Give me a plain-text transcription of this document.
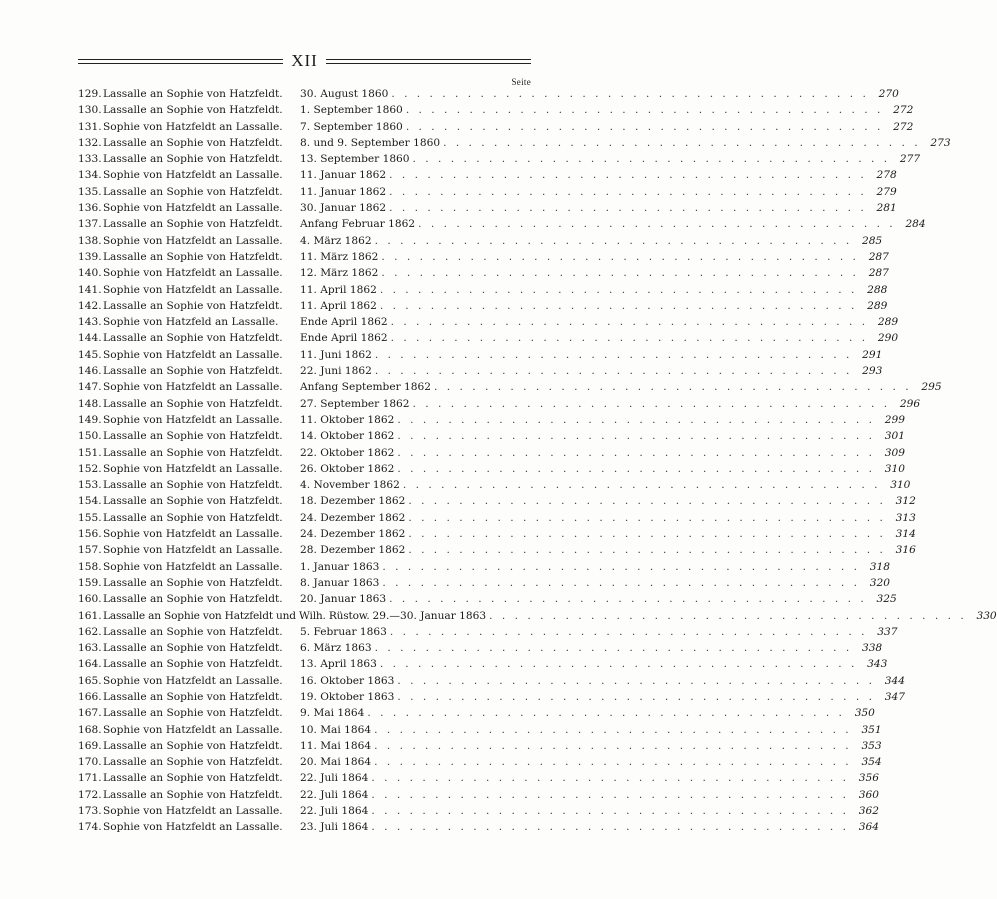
XII
Seite
129. Lassalle an Sophie von Hatzfeldt.	30. August 1860 . . . . . . . . . . . . . . . . . . . . . . . . . . . . . . . . . . . . . . 270
130. Lassalle an Sophie von Hatzfeldt.	1. September 1860 . . . . . . . . . . . . . . . . . . . . . . . . . . . . . . . . . . . . . . 272
131. Sophie von Hatzfeldt an Lassalle.	7. September 1860 . . . . . . . . . . . . . . . . . . . . . . . . . . . . . . . . . . . . . . 272
132. Lassalle an Sophie von Hatzfeldt.	8. und 9. September 1860 . . . . . . . . . . . . . . . . . . . . . . . . . . . . . . . . . . . . . . 273
133. Lassalle an Sophie von Hatzfeldt.	13. September 1860 . . . . . . . . . . . . . . . . . . . . . . . . . . . . . . . . . . . . . . 277
134. Sophie von Hatzfeldt an Lassalle.	11. Januar 1862 . . . . . . . . . . . . . . . . . . . . . . . . . . . . . . . . . . . . . . 278
135. Lassalle an Sophie von Hatzfeldt.	11. Januar 1862 . . . . . . . . . . . . . . . . . . . . . . . . . . . . . . . . . . . . . . 279
136. Sophie von Hatzfeldt an Lassalle.	30. Januar 1862 . . . . . . . . . . . . . . . . . . . . . . . . . . . . . . . . . . . . . . 281
137. Lassalle an Sophie von Hatzfeldt.	Anfang Februar 1862 . . . . . . . . . . . . . . . . . . . . . . . . . . . . . . . . . . . . . . 284
138. Sophie von Hatzfeldt an Lassalle.	4. März 1862 . . . . . . . . . . . . . . . . . . . . . . . . . . . . . . . . . . . . . . 285
139. Lassalle an Sophie von Hatzfeldt.	11. März 1862 . . . . . . . . . . . . . . . . . . . . . . . . . . . . . . . . . . . . . . 287
140. Sophie von Hatzfeldt an Lassalle.	12. März 1862 . . . . . . . . . . . . . . . . . . . . . . . . . . . . . . . . . . . . . . 287
141. Sophie von Hatzfeldt an Lassalle.	11. April 1862 . . . . . . . . . . . . . . . . . . . . . . . . . . . . . . . . . . . . . . 288
142. Lassalle an Sophie von Hatzfeldt.	11. April 1862 . . . . . . . . . . . . . . . . . . . . . . . . . . . . . . . . . . . . . . 289
143. Sophie von Hatzfeld an Lassalle.	Ende April 1862 . . . . . . . . . . . . . . . . . . . . . . . . . . . . . . . . . . . . . . 289
144. Lassalle an Sophie von Hatzfeldt.	Ende April 1862 . . . . . . . . . . . . . . . . . . . . . . . . . . . . . . . . . . . . . . 290
145. Sophie von Hatzfeldt an Lassalle.	11. Juni 1862 . . . . . . . . . . . . . . . . . . . . . . . . . . . . . . . . . . . . . . 291
146. Lassalle an Sophie von Hatzfeldt.	22. Juni 1862 . . . . . . . . . . . . . . . . . . . . . . . . . . . . . . . . . . . . . . 293
147. Sophie von Hatzfeldt an Lassalle.	Anfang September 1862 . . . . . . . . . . . . . . . . . . . . . . . . . . . . . . . . . . . . . . 295
148. Lassalle an Sophie von Hatzfeldt.	27. September 1862 . . . . . . . . . . . . . . . . . . . . . . . . . . . . . . . . . . . . . . 296
149. Sophie von Hatzfeldt an Lassalle.	11. Oktober 1862 . . . . . . . . . . . . . . . . . . . . . . . . . . . . . . . . . . . . . . 299
150. Lassalle an Sophie von Hatzfeldt.	14. Oktober 1862 . . . . . . . . . . . . . . . . . . . . . . . . . . . . . . . . . . . . . . 301
151. Lassalle an Sophie von Hatzfeldt.	22. Oktober 1862 . . . . . . . . . . . . . . . . . . . . . . . . . . . . . . . . . . . . . . 309
152. Sophie von Hatzfeldt an Lassalle.	26. Oktober 1862 . . . . . . . . . . . . . . . . . . . . . . . . . . . . . . . . . . . . . . 310
153. Lassalle an Sophie von Hatzfeldt.	4. November 1862 . . . . . . . . . . . . . . . . . . . . . . . . . . . . . . . . . . . . . . 310
154. Lassalle an Sophie von Hatzfeldt.	18. Dezember 1862 . . . . . . . . . . . . . . . . . . . . . . . . . . . . . . . . . . . . . . 312
155. Lassalle an Sophie von Hatzfeldt.	24. Dezember 1862 . . . . . . . . . . . . . . . . . . . . . . . . . . . . . . . . . . . . . . 313
156. Sophie von Hatzfeldt an Lassalle.	24. Dezember 1862 . . . . . . . . . . . . . . . . . . . . . . . . . . . . . . . . . . . . . . 314
157. Sophie von Hatzfeldt an Lassalle.	28. Dezember 1862 . . . . . . . . . . . . . . . . . . . . . . . . . . . . . . . . . . . . . . 316
158. Sophie von Hatzfeldt an Lassalle.	1. Januar 1863 . . . . . . . . . . . . . . . . . . . . . . . . . . . . . . . . . . . . . . 318
159. Lassalle an Sophie von Hatzfeldt.	8. Januar 1863 . . . . . . . . . . . . . . . . . . . . . . . . . . . . . . . . . . . . . . 320
160. Lassalle an Sophie von Hatzfeldt.	20. Januar 1863 . . . . . . . . . . . . . . . . . . . . . . . . . . . . . . . . . . . . . . 325
161. Lassalle an Sophie von Hatzfeldt und Wilh. Rüstow. 29.—30. Januar 1863 . . . . . . . . . . . . . . . . . . . . . . . . . . . . . . . . . . . . . . 330
162. Lassalle an Sophie von Hatzfeldt.	5. Februar 1863 . . . . . . . . . . . . . . . . . . . . . . . . . . . . . . . . . . . . . . 337
163. Lassalle an Sophie von Hatzfeldt.	6. März 1863 . . . . . . . . . . . . . . . . . . . . . . . . . . . . . . . . . . . . . . 338
164. Lassalle an Sophie von Hatzfeldt.	13. April 1863 . . . . . . . . . . . . . . . . . . . . . . . . . . . . . . . . . . . . . . 343
165. Sophie von Hatzfeldt an Lassalle.	16. Oktober 1863 . . . . . . . . . . . . . . . . . . . . . . . . . . . . . . . . . . . . . . 344
166. Lassalle an Sophie von Hatzfeldt.	19. Oktober 1863 . . . . . . . . . . . . . . . . . . . . . . . . . . . . . . . . . . . . . . 347
167. Lassalle an Sophie von Hatzfeldt.	9. Mai 1864 . . . . . . . . . . . . . . . . . . . . . . . . . . . . . . . . . . . . . . 350
168. Sophie von Hatzfeldt an Lassalle.	10. Mai 1864 . . . . . . . . . . . . . . . . . . . . . . . . . . . . . . . . . . . . . . 351
169. Lassalle an Sophie von Hatzfeldt.	11. Mai 1864 . . . . . . . . . . . . . . . . . . . . . . . . . . . . . . . . . . . . . . 353
170. Lassalle an Sophie von Hatzfeldt.	20. Mai 1864 . . . . . . . . . . . . . . . . . . . . . . . . . . . . . . . . . . . . . . 354
171. Lassalle an Sophie von Hatzfeldt.	22. Juli 1864 . . . . . . . . . . . . . . . . . . . . . . . . . . . . . . . . . . . . . . 356
172. Lassalle an Sophie von Hatzfeldt.	22. Juli 1864 . . . . . . . . . . . . . . . . . . . . . . . . . . . . . . . . . . . . . . 360
173. Sophie von Hatzfeldt an Lassalle.	22. Juli 1864 . . . . . . . . . . . . . . . . . . . . . . . . . . . . . . . . . . . . . . 362
174. Sophie von Hatzfeldt an Lassalle.	23. Juli 1864 . . . . . . . . . . . . . . . . . . . . . . . . . . . . . . . . . . . . . . 364
